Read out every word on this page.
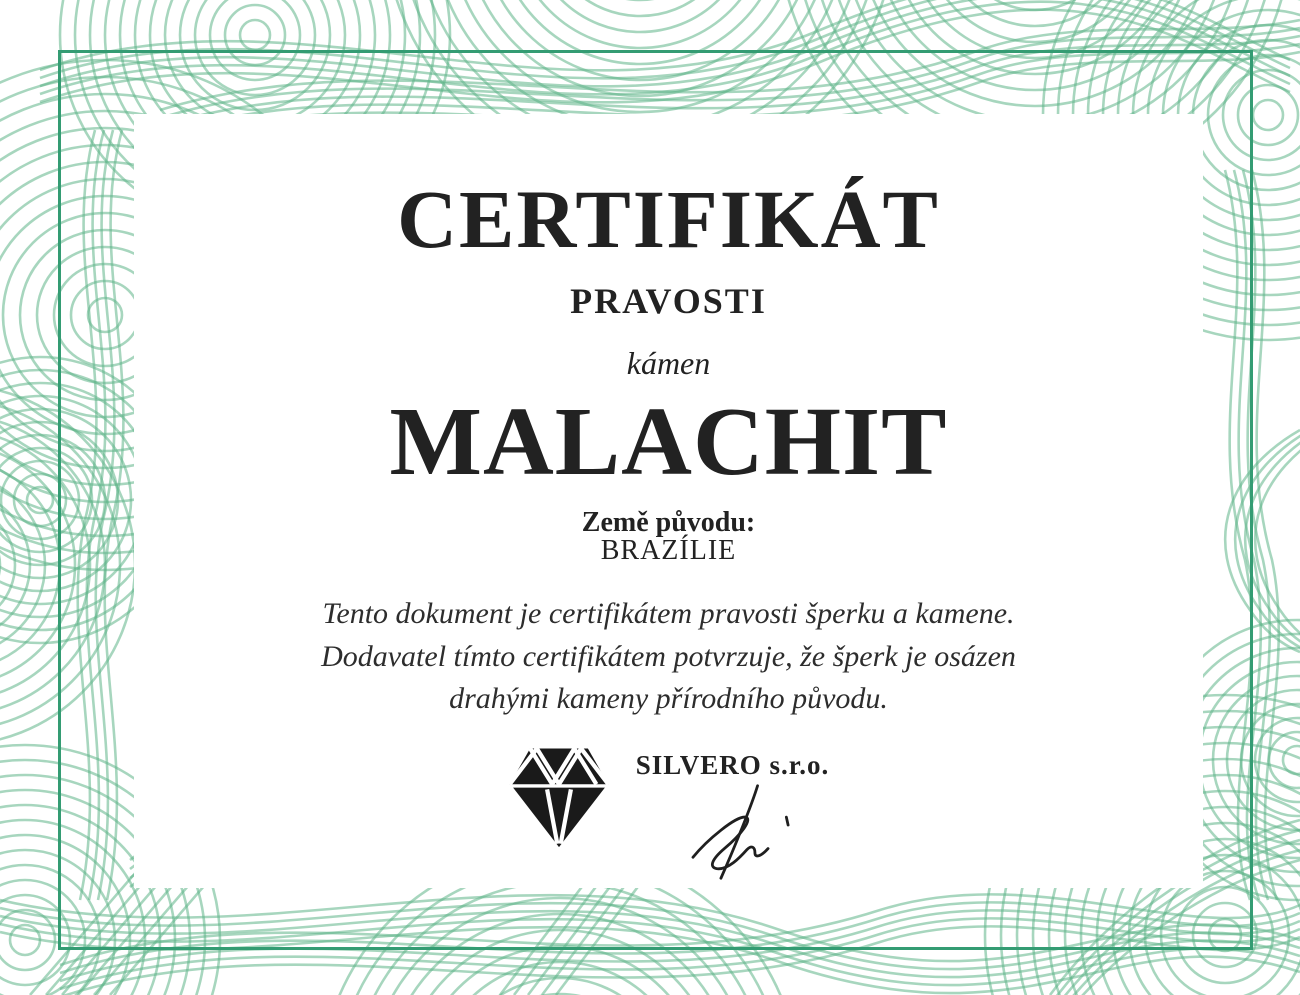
CERTIFIKÁT
PRAVOSTI
kámen
MALACHIT
Země původu:
BRAZÍLIE
Tento dokument je certifikátem pravosti šperku a kamene.
Dodavatel tímto certifikátem potvrzuje, že šperk je osázen
drahými kameny přírodního původu.
SILVERO s.r.o.
